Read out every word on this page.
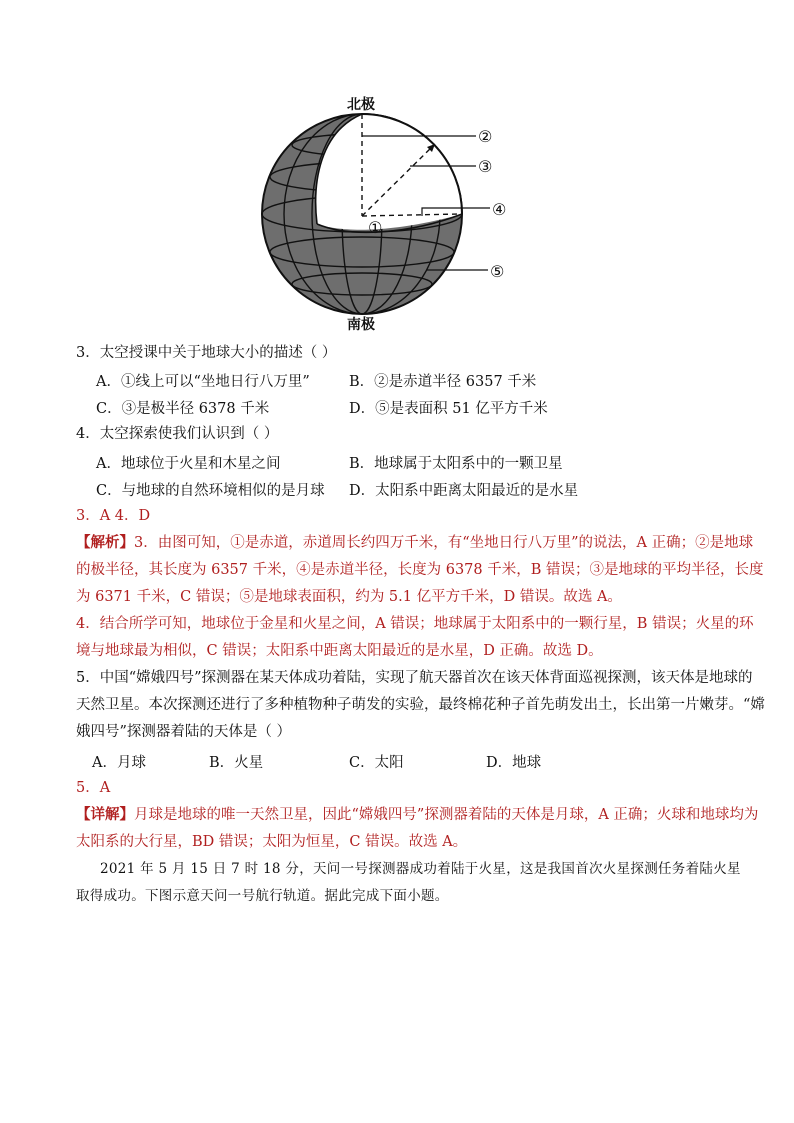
北极
南极
①
②
③
④
⑤
3．太空授课中关于地球大小的描述（ ）
A．①线上可以“坐地日行八万里”	B．②是赤道半径 6357 千米
C．③是极半径 6378 千米	D．⑤是表面积 51 亿平方千米
4．太空探索使我们认识到（ ）
A．地球位于火星和木星之间	B．地球属于太阳系中的一颗卫星
C．与地球的自然环境相似的是月球 D．太阳系中距离太阳最近的是水星
3．A 4．D
【解析】3．由图可知，①是赤道，赤道周长约四万千米，有“坐地日行八万里”的说法，A 正确；②是地球
的极半径，其长度为 6357 千米，④是赤道半径，长度为 6378 千米，B 错误；③是地球的平均半径，长度
为 6371 千米，C 错误；⑤是地球表面积，约为 5.1 亿平方千米，D 错误。故选 A。
4．结合所学可知，地球位于金星和火星之间，A 错误；地球属于太阳系中的一颗行星，B 错误；火星的环
境与地球最为相似，C 错误；太阳系中距离太阳最近的是水星，D 正确。故选 D。
5．中国“嫦娥四号”探测器在某天体成功着陆，实现了航天器首次在该天体背面巡视探测，该天体是地球的
天然卫星。本次探测还进行了多种植物种子萌发的实验，最终棉花种子首先萌发出土，长出第一片嫩芽。“嫦
娥四号”探测器着陆的天体是（ ）
A．月球	B．火星	C．太阳	D．地球
5．A
【详解】月球是地球的唯一天然卫星，因此“嫦娥四号”探测器着陆的天体是月球，A 正确；火球和地球均为
太阳系的大行星，BD 错误；太阳为恒星，C 错误。故选 A。
2021 年 5 月 15 日 7 时 18 分，天问一号探测器成功着陆于火星，这是我国首次火星探测任务着陆火星
取得成功。下图示意天问一号航行轨道。据此完成下面小题。
